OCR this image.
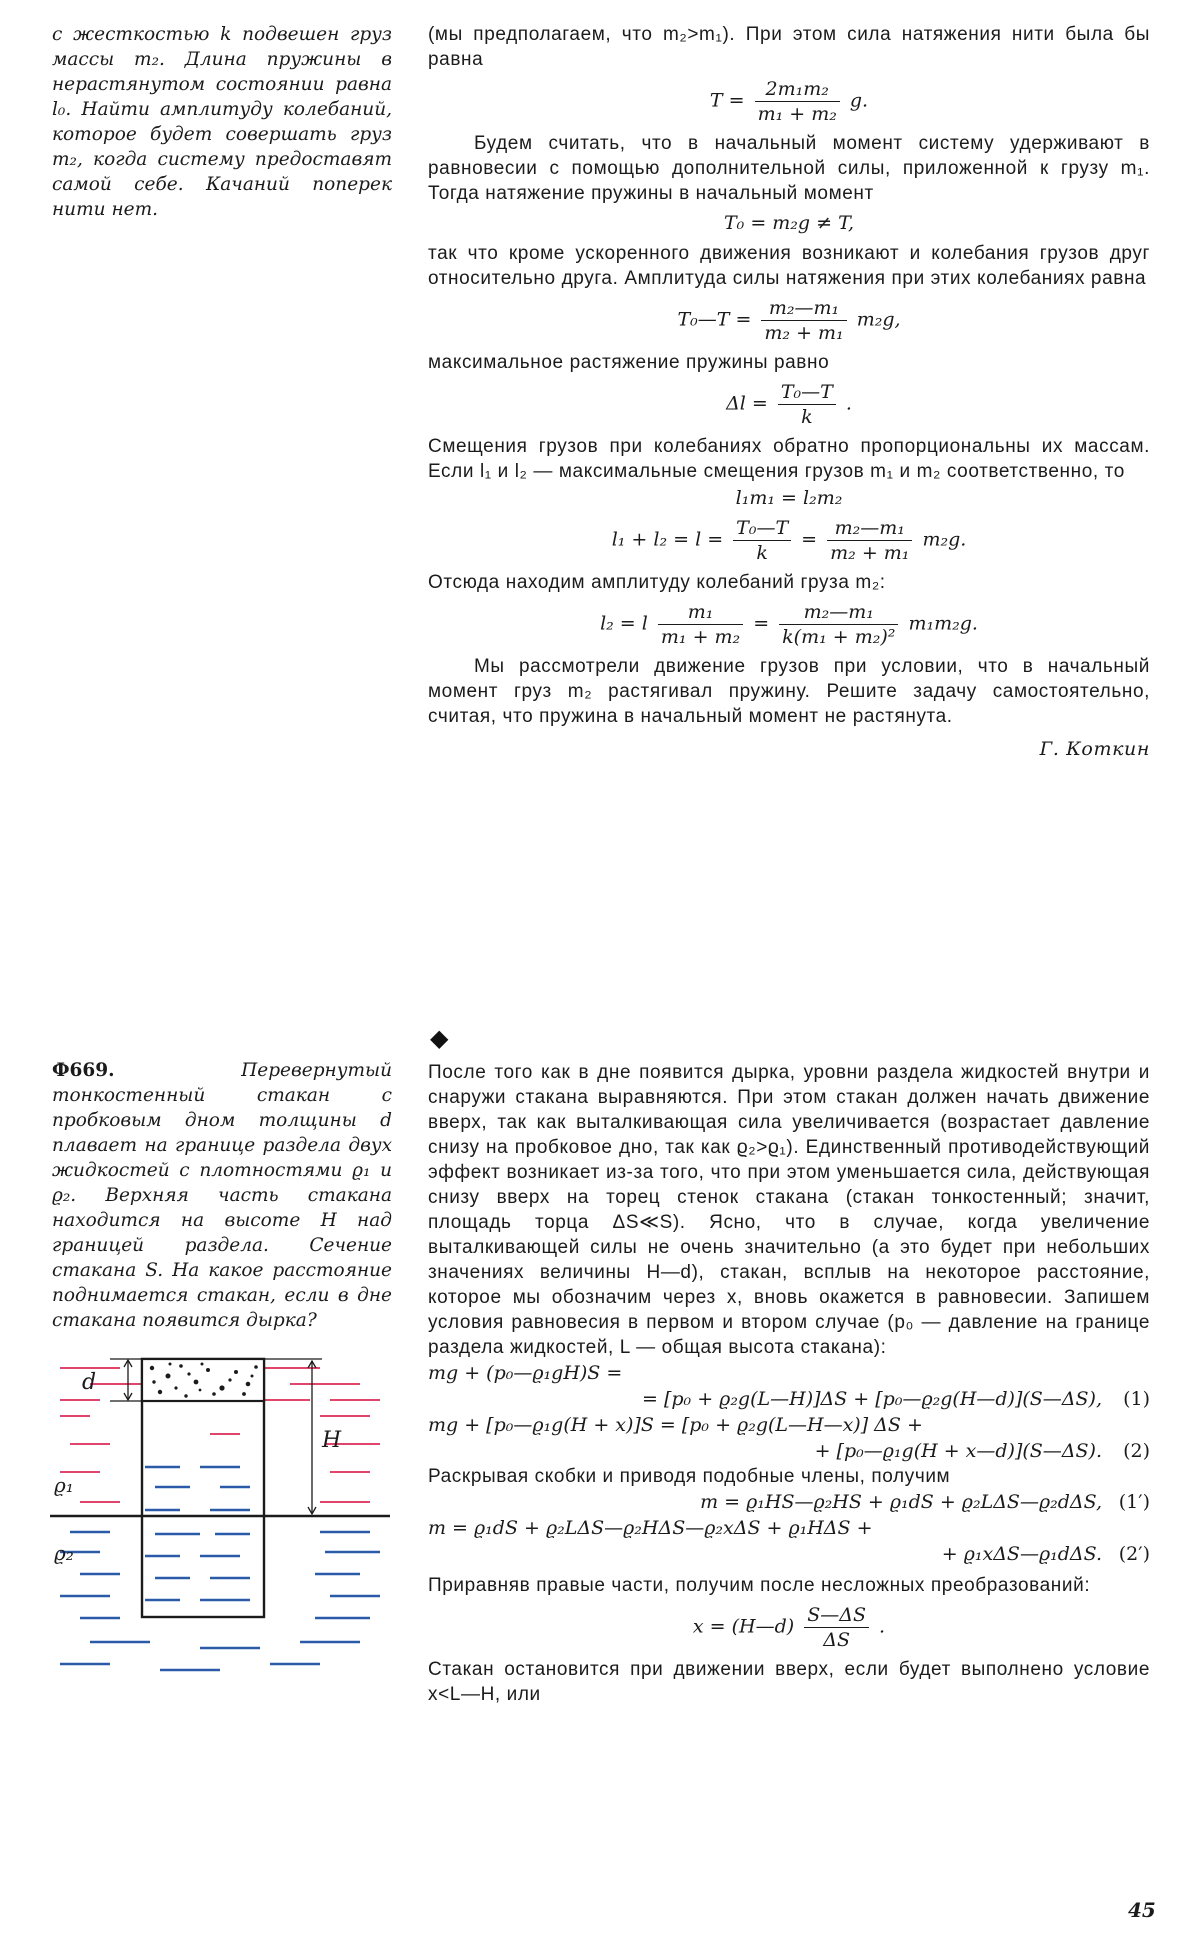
с жесткостью k подвешен груз массы m₂. Длина пружины в нерастянутом состоянии равна l₀. Найти амплитуду колебаний, которое будет совершать груз m₂, когда систему предоставят самой себе. Качаний поперек нити нет.

Ф669.	Перевернутый тонкостенный стакан с пробковым дном толщины d плавает на границе раздела двух жидкостей с плотностями ϱ₁ и ϱ₂. Верхняя часть стакана находится на высоте H над границей раздела. Сечение стакана S. На какое расстояние поднимается стакан, если в дне стакана появится дырка?

d
H
ϱ₁
ϱ₂

(мы предполагаем, что m₂>m₁). При этом сила натяжения нити была бы равна

$T = \frac{\text{2m₁m₂}}{\text{m₁ + m₂}} g$.

Будем считать, что в начальный момент систему удерживают в равновесии с помощью дополнительной силы, приложенной к грузу m₁. Тогда натяжение пружины в начальный момент

T₀ = m₂g ≠ T,

так что кроме ускоренного движения возникают и колебания грузов друг относительно друга. Амплитуда силы натяжения при этих колебаниях равна

T₀—T = $\frac{\text{m₂—m₁}}{\text{m₂ + m₁}} m_2g$,

максимальное растяжение пружины равно

$\Delta l = \frac{\text{T₀—T}}{k}$ .

Смещения грузов при колебаниях обратно пропорциональны их массам. Если l₁ и l₂ — максимальные смещения грузов m₁ и m₂ соответственно, то

l₁m₁ = l₂m₂
$l_1 + l_2 = l = \frac{\text{T₀—T}}{k} = \frac{\text{m₂—m₁}}{\text{m₂ + m₁}} m_2g$.

Отсюда находим амплитуду колебаний груза m₂:

l₂ = l $\frac{\text{m₁}}{\text{m₁ + m₂}} = \frac{\text{m₂—m₁}}{\text{k(m₁ + m₂)²}} m_1m_2g$.

Мы рассмотрели движение грузов при условии, что в начальный момент груз m₂ растягивал пружину. Решите задачу самостоятельно, считая, что пружина в начальный момент не растянута.

Г. Коткин
◆

После того как в дне появится дырка, уровни раздела жидкостей внутри и снаружи стакана выравняются. При этом стакан должен начать движение вверх, так как выталкивающая сила увеличивается (возрастает давление снизу на пробковое дно, так как ϱ₂>ϱ₁). Единственный противодействующий эффект возникает из-за того, что при этом уменьшается сила, действующая снизу вверх на торец стенок стакана (стакан тонкостенный; значит, площадь торца ΔS≪S). Ясно, что в случае, когда увеличение выталкивающей силы не очень значительно (а это будет при небольших значениях величины H—d), стакан, всплыв на некоторое расстояние, которое мы обозначим через x, вновь окажется в равновесии. Запишем условия равновесия в первом и втором случае (p₀ — давление на границе раздела жидкостей, L — общая высота стакана):

mg + (p₀—ϱ₁gH)S =
= [p₀ + ϱ₂g(L—H)]ΔS + [p₀—ϱ₂g(H—d)](S—ΔS), (1)
mg + [p₀—ϱ₁g(H + x)]S = [p₀ + ϱ₂g(L—H—x)] ΔS +
+ [p₀—ϱ₁g(H + x—d)](S—ΔS). (2)

Раскрывая скобки и приводя подобные члены, получим

m = ϱ₁HS—ϱ₂HS + ϱ₁dS + ϱ₂LΔS—ϱ₂dΔS, (1′)
m = ϱ₁dS + ϱ₂LΔS—ϱ₂HΔS—ϱ₂xΔS + ϱ₁HΔS +
+ ϱ₁xΔS—ϱ₁dΔS. (2′)

Приравняв правые части, получим после несложных преобразований:

x = (H—d) $\frac{S—\Delta S}{\Delta S}$ .

Стакан остановится при движении вверх, если будет выполнено условие x<L—H, или

45
